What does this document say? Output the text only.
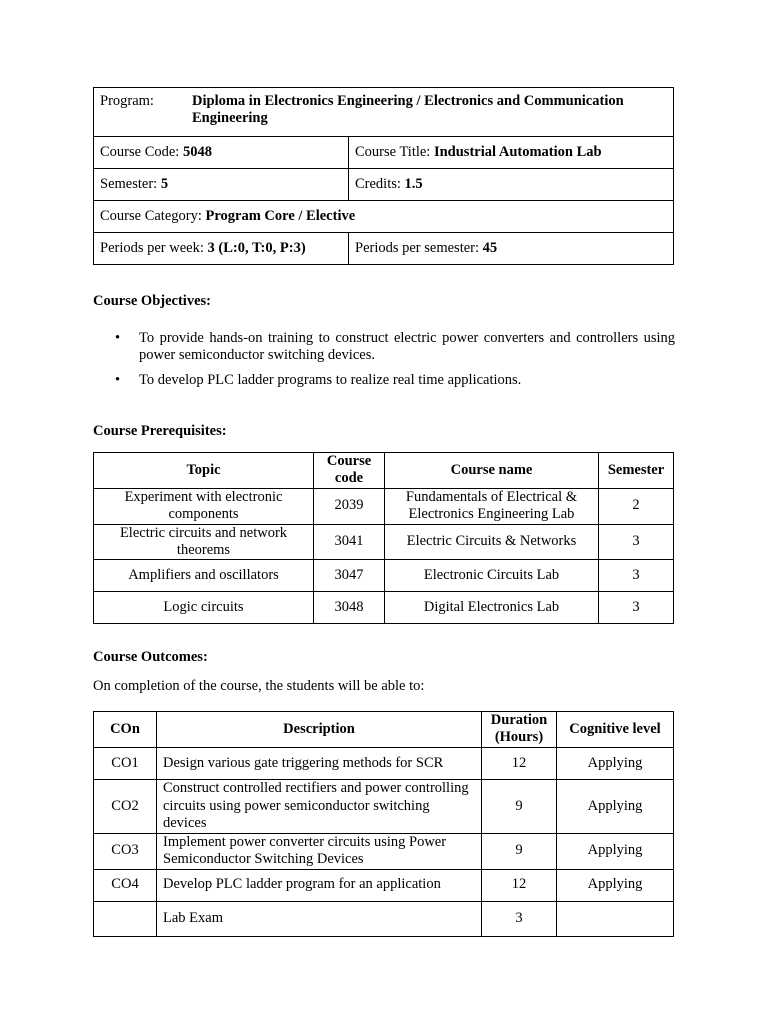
Program: Diploma in Electronics Engineering / Electronics and Communication Engineering	

Course Code: 5048	Course Title: Industrial Automation Lab
Semester: 5	Credits: 1.5
Course Category: Program Core / Elective	
Periods per week: 3 (L:0, T:0, P:3)	Periods per semester: 45
Course Objectives:
• To provide hands-on training to construct electric power converters and controllers using power semiconductor switching devices.
• To develop PLC ladder programs to realize real time applications.
Course Prerequisites:
Topic	Course code	Course name	Semester
Experiment with electronic components	2039	Fundamentals of Electrical & Electronics Engineering Lab	2
Electric circuits and network theorems	3041	Electric Circuits & Networks	3
Amplifiers and oscillators	3047	Electronic Circuits Lab	3
Logic circuits	3048	Digital Electronics Lab	3
Course Outcomes:
On completion of the course, the students will be able to:
COn	Description	Duration (Hours)	Cognitive level
CO1	Design various gate triggering methods for SCR	12	Applying
CO2	Construct controlled rectifiers and power controlling circuits using power semiconductor switching devices	9	Applying
CO3	Implement power converter circuits using Power Semiconductor Switching Devices	9	Applying
CO4	Develop PLC ladder program for an application	12	Applying
	Lab Exam	3	
